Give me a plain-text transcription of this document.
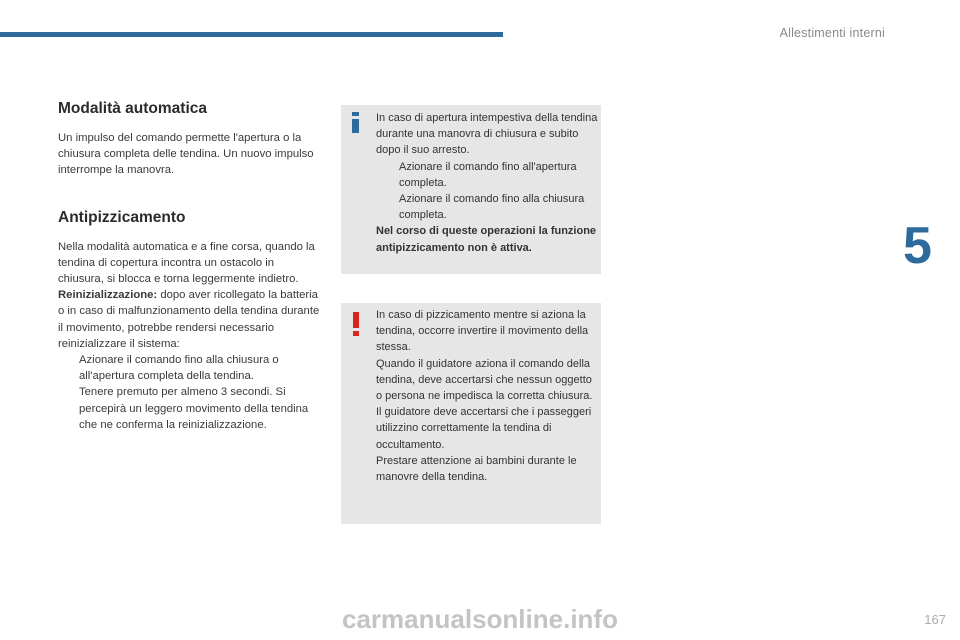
Allestimenti interni
5
Modalità automatica

Un impulso del comando permette l'apertura o la chiusura completa delle tendina. Un nuovo impulso interrompe la manovra.

Antipizzicamento

Nella modalità automatica e a fine corsa, quando la tendina di copertura incontra un ostacolo in chiusura, si blocca e torna leggermente indietro.

Reinizializzazione: dopo aver ricollegato la batteria o in caso di malfunzionamento della tendina durante il movimento, potrebbe rendersi necessario reinizializzare il sistema:

Azionare il comando fino alla chiusura o all'apertura completa della tendina.
Tenere premuto per almeno 3 secondi. Si percepirà un leggero movimento della tendina che ne conferma la reinizializzazione.

In caso di apertura intempestiva della tendina durante una manovra di chiusura e subito dopo il suo arresto.

Azionare il comando fino all'apertura completa.
Azionare il comando fino alla chiusura completa.

Nel corso di queste operazioni la funzione antipizzicamento non è attiva.

In caso di pizzicamento mentre si aziona la tendina, occorre invertire il movimento della stessa.

Quando il guidatore aziona il comando della tendina, deve accertarsi che nessun oggetto o persona ne impedisca la corretta chiusura.

Il guidatore deve accertarsi che i passeggeri utilizzino correttamente la tendina di occultamento.

Prestare attenzione ai bambini durante le manovre della tendina.

carmanualsonline.info	167
